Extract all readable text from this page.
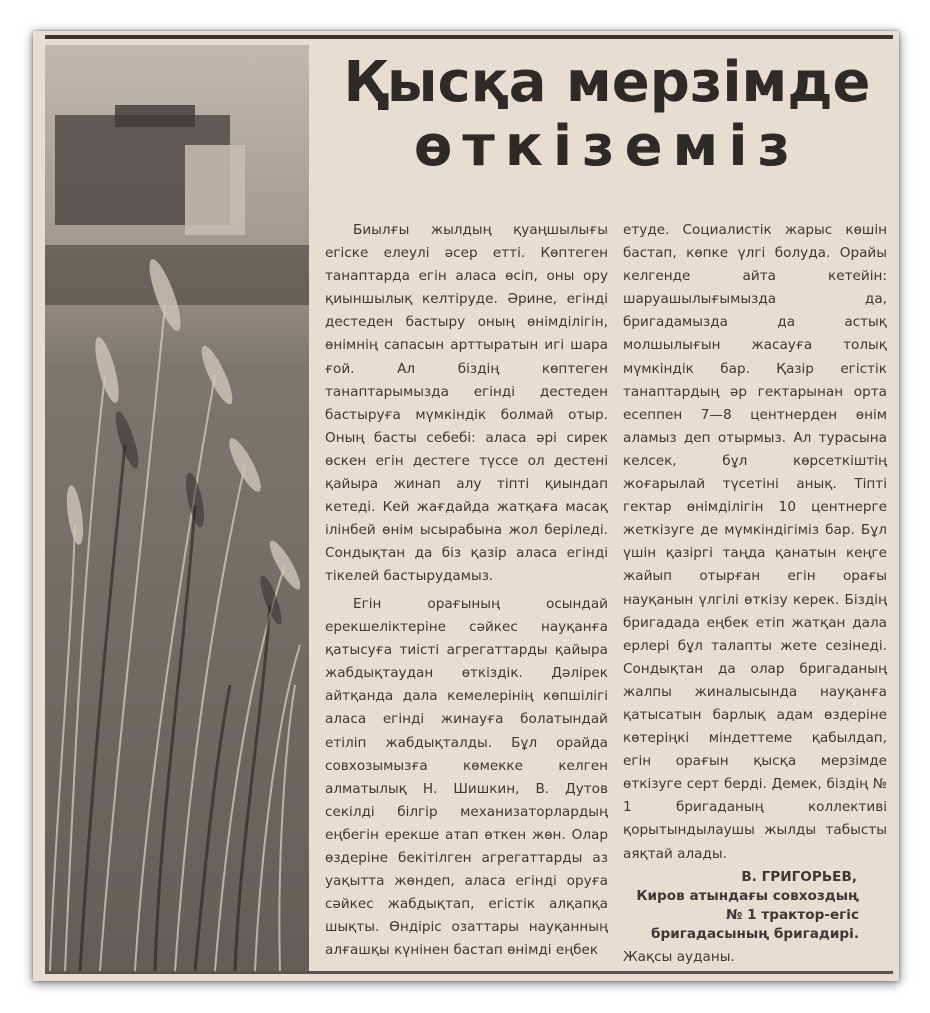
Қысқа мерзімде
өткіземіз

Биылғы жылдың қуаңшылығы егіске елеулі әсер етті. Көптеген танаптарда егін аласа өсіп, оны ору қиыншылық келтіруде. Әрине, егінді дестеден бастыру оның өнімділігін, өнімнің сапасын арттыратын игі шара ғой. Ал біздің көптеген танаптарымызда егінді дестеден бастыруға мүмкіндік болмай отыр. Оның басты себебі: аласа әрі сирек өскен егін дестеге түссе ол дестені қайыра жинап алу тіпті қиындап кетеді. Кей жағдайда жатқаға масақ ілінбей өнім ысырабына жол беріледі. Сондықтан да біз қазір аласа егінді тікелей бастырудамыз.

етуде. Социалистік жарыс көшін бастап, көпке үлгі болуда. Орайы келгенде айта кетейін: шаруашылығымызда да, бригадамызда да астық молшылығын жасауға толық мүмкіндік бар. Қазір егістік танаптардың әр гектарынан орта есеппен 7—8 центнерден өнім аламыз деп отырмыз. Ал турасына келсек, бұл көрсеткіштің жоғарылай түсетіні анық. Тіпті гектар өнімділігін 10 центнерге жеткізуге де мүмкіндігіміз бар. Бұл үшін қазіргі таңда қанатын кеңге жайып отырған егін орағы науқанын үлгілі өткізу керек. Біздің бригадада еңбек етіп жатқан дала ерлері бұл талапты жете сезінеді. Сондықтан да олар бригаданың жалпы жиналысында науқанға қатысатын барлық адам өздеріне көтеріңкі міндеттеме қабылдап, егін орағын қысқа мерзімде өткізуге серт берді. Демек, біздің № 1 бригаданың коллективі қорытындылаушы жылды табысты аяқтай алады.

Егін орағының осындай ерекшеліктеріне сәйкес науқанға қатысуға тиісті агрегаттарды қайыра жабдықтаудан өткіздік. Дәлірек айтқанда дала кемелерінің көпшілігі аласа егінді жинауға болатындай етіліп жабдықталды. Бұл орайда совхозымызға көмекке келген алматылық Н. Шишкин, В. Дутов секілді білгір механизаторлардың еңбегін ерекше атап өткен жөн. Олар өздеріне бекітілген агрегаттарды аз уақытта жөндеп, аласа егінді оруға сәйкес жабдықтап, егістік алқапқа шықты. Өндіріс озаттары науқанның алғашқы күнінен бастап өнімді еңбек

В. ГРИГОРЬЕВ,
Киров атындағы совхоздың № 1 трактор-егіс бригадасының бригадирі.
Жақсы ауданы.
